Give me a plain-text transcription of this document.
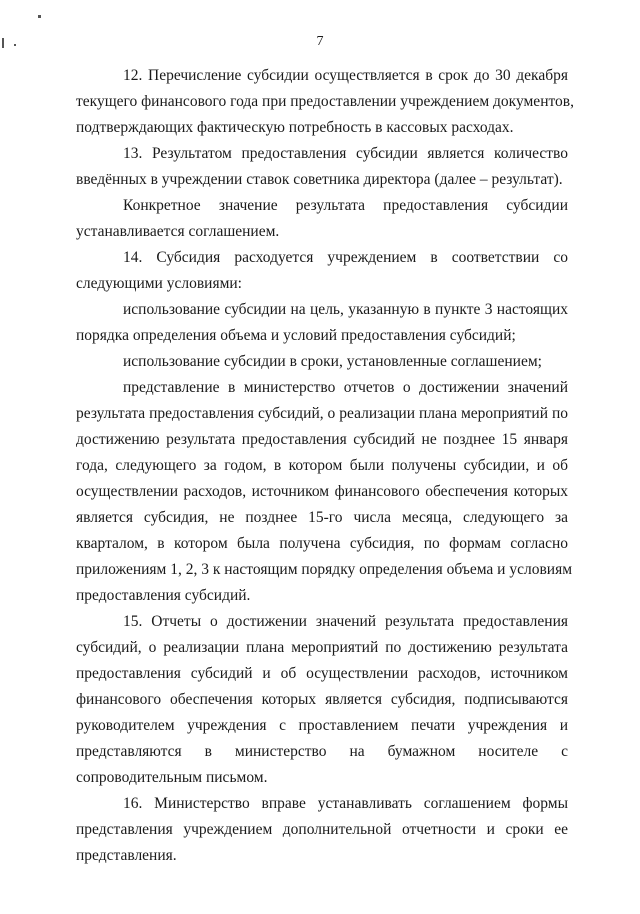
7
12. Перечисление субсидии осуществляется в срок до 30 декабря
текущего финансового года при предоставлении учреждением документов,
подтверждающих фактическую потребность в кассовых расходах.
13. Результатом предоставления субсидии является количество
введённых в учреждении ставок советника директора (далее – результат).
Конкретное значение результата предоставления субсидии
устанавливается соглашением.
14. Субсидия расходуется учреждением в соответствии со
следующими условиями:
использование субсидии на цель, указанную в пункте 3 настоящих
порядка определения объема и условий предоставления субсидий;
использование субсидии в сроки, установленные соглашением;
представление в министерство отчетов о достижении значений
результата предоставления субсидий, о реализации плана мероприятий по
достижению результата предоставления субсидий не позднее 15 января
года, следующего за годом, в котором были получены субсидии, и об
осуществлении расходов, источником финансового обеспечения которых
является субсидия, не позднее 15-го числа месяца, следующего за
кварталом, в котором была получена субсидия, по формам согласно
приложениям 1, 2, 3 к настоящим порядку определения объема и условиям
предоставления субсидий.
15. Отчеты о достижении значений результата предоставления
субсидий, о реализации плана мероприятий по достижению результата
предоставления субсидий и об осуществлении расходов, источником
финансового обеспечения которых является субсидия, подписываются
руководителем учреждения с проставлением печати учреждения и
представляются в министерство на бумажном носителе с
сопроводительным письмом.
16. Министерство вправе устанавливать соглашением формы
представления учреждением дополнительной отчетности и сроки ее
представления.
